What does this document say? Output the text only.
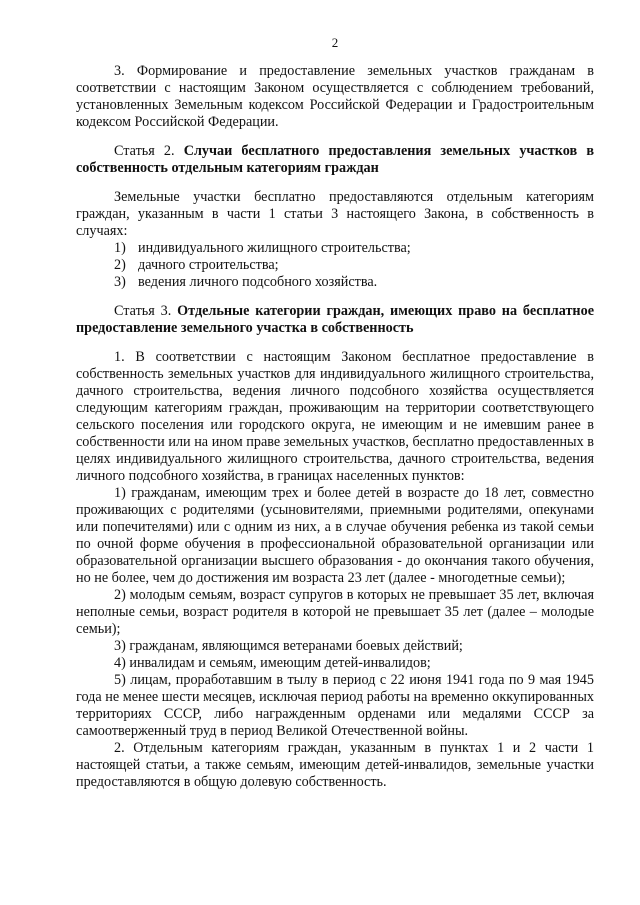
2

3. Формирование и предоставление земельных участков гражданам в соответствии с настоящим Законом осуществляется с соблюдением требований, установленных Земельным кодексом Российской Федерации и Градостроительным кодексом Российской Федерации.

Статья 2. Случаи бесплатного предоставления земельных участков в собственность отдельным категориям граждан

Земельные участки бесплатно предоставляются отдельным категориям граждан, указанным в части 1 статьи 3 настоящего Закона, в собственность в случаях:

1) индивидуального жилищного строительства;
2) дачного строительства;
3) ведения личного подсобного хозяйства.

Статья 3. Отдельные категории граждан, имеющих право на бесплатное предоставление земельного участка в собственность

1. В соответствии с настоящим Законом бесплатное предоставление в собственность земельных участков для индивидуального жилищного строительства, дачного строительства, ведения личного подсобного хозяйства осуществляется следующим категориям граждан, проживающим на территории соответствующего сельского поселения или городского округа, не имеющим и не имевшим ранее в собственности или на ином праве земельных участков, бесплатно предоставленных в целях индивидуального жилищного строительства, дачного строительства, ведения личного подсобного хозяйства, в границах населенных пунктов:

1) гражданам, имеющим трех и более детей в возрасте до 18 лет, совместно проживающих с родителями (усыновителями, приемными родителями, опекунами или попечителями) или с одним из них, а в случае обучения ребенка из такой семьи по очной форме обучения в профессиональной образовательной организации или образовательной организации высшего образования - до окончания такого обучения, но не более, чем до достижения им возраста 23 лет (далее - многодетные семьи);

2) молодым семьям, возраст супругов в которых не превышает 35 лет, включая неполные семьи, возраст родителя в которой не превышает 35 лет (далее – молодые семьи);

3) гражданам, являющимся ветеранами боевых действий;

4) инвалидам и семьям, имеющим детей-инвалидов;

5) лицам, проработавшим в тылу в период с 22 июня 1941 года по 9 мая 1945 года не менее шести месяцев, исключая период работы на временно оккупированных территориях СССР, либо награжденным орденами или медалями СССР за самоотверженный труд в период Великой Отечественной войны.

2. Отдельным категориям граждан, указанным в пунктах 1 и 2 части 1 настоящей статьи, а также семьям, имеющим детей-инвалидов, земельные участки предоставляются в общую долевую собственность.
